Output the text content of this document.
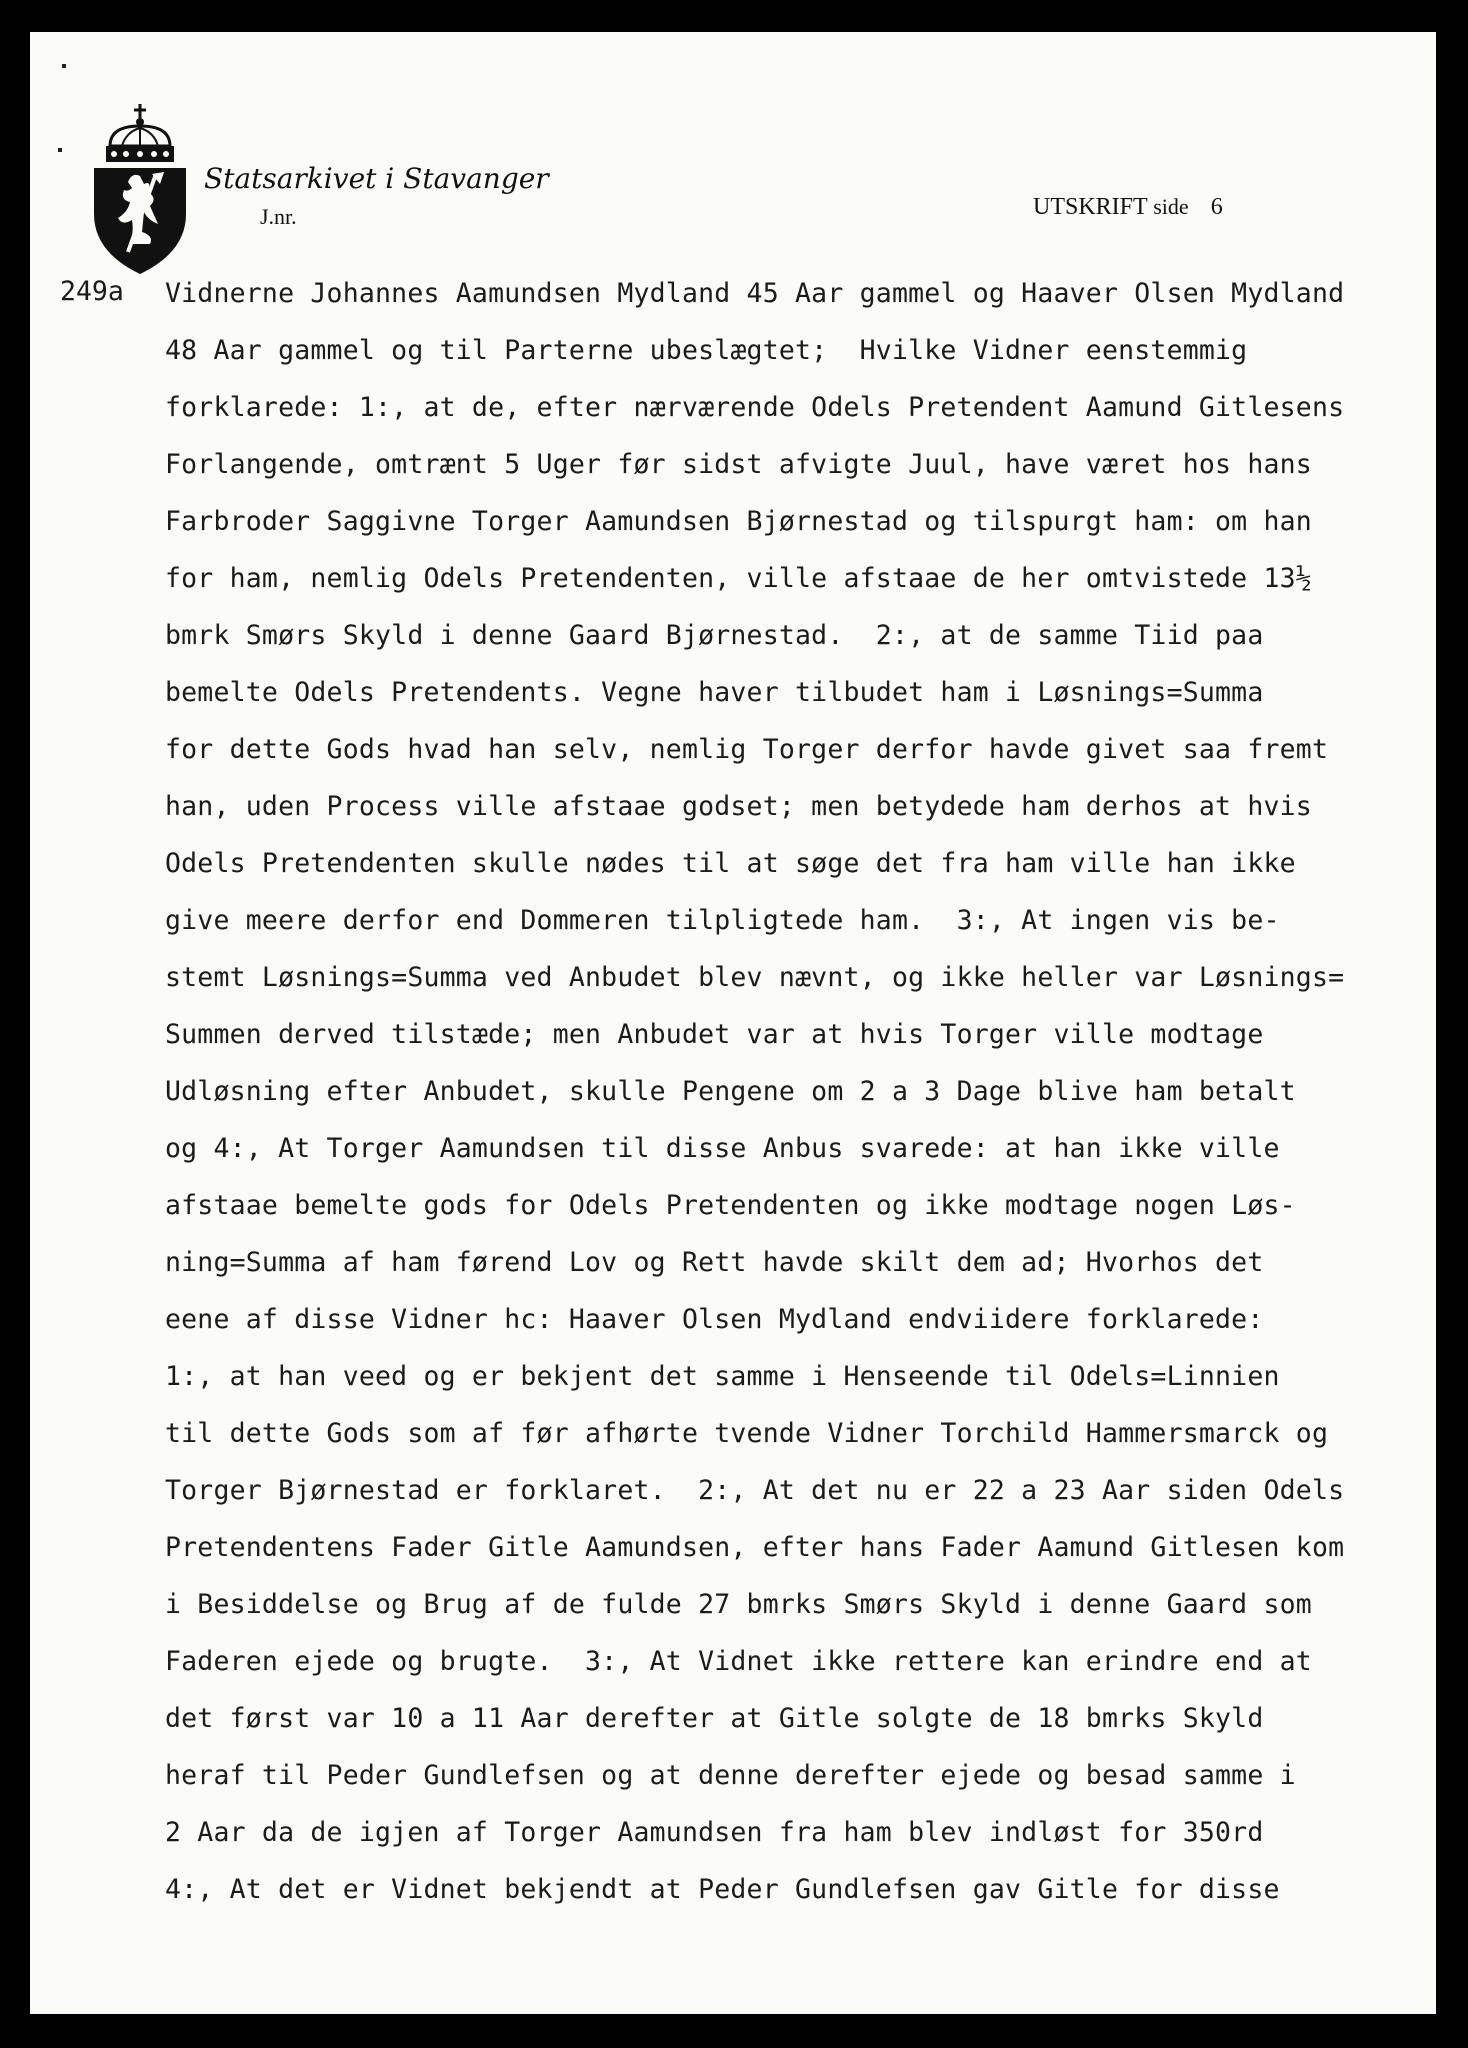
Statsarkivet i Stavanger
J.nr.	UTSKRIFT side 6
249a Vidnerne Johannes Aamundsen Mydland 45 Aar gammel og Haaver Olsen Mydland
48 Aar gammel og til Parterne ubeslægtet;  Hvilke Vidner eenstemmig
forklarede: 1:, at de, efter nærværende Odels Pretendent Aamund Gitlesens
Forlangende, omtrænt 5 Uger før sidst afvigte Juul, have været hos hans
Farbroder Saggivne Torger Aamundsen Bjørnestad og tilspurgt ham: om han
for ham, nemlig Odels Pretendenten, ville afstaae de her omtvistede 13½
bmrk Smørs Skyld i denne Gaard Bjørnestad.  2:, at de samme Tiid paa
bemelte Odels Pretendents. Vegne haver tilbudet ham i Løsnings=Summa
for dette Gods hvad han selv, nemlig Torger derfor havde givet saa fremt
han, uden Process ville afstaae godset; men betydede ham derhos at hvis
Odels Pretendenten skulle nødes til at søge det fra ham ville han ikke
give meere derfor end Dommeren tilpligtede ham.  3:, At ingen vis be-
stemt Løsnings=Summa ved Anbudet blev nævnt, og ikke heller var Løsnings=
Summen derved tilstæde; men Anbudet var at hvis Torger ville modtage
Udløsning efter Anbudet, skulle Pengene om 2 a 3 Dage blive ham betalt
og 4:, At Torger Aamundsen til disse Anbus svarede: at han ikke ville
afstaae bemelte gods for Odels Pretendenten og ikke modtage nogen Løs-
ning=Summa af ham førend Lov og Rett havde skilt dem ad; Hvorhos det
eene af disse Vidner hc: Haaver Olsen Mydland endviidere forklarede:
1:, at han veed og er bekjent det samme i Henseende til Odels=Linnien
til dette Gods som af før afhørte tvende Vidner Torchild Hammersmarck og
Torger Bjørnestad er forklaret.  2:, At det nu er 22 a 23 Aar siden Odels
Pretendentens Fader Gitle Aamundsen, efter hans Fader Aamund Gitlesen kom
i Besiddelse og Brug af de fulde 27 bmrks Smørs Skyld i denne Gaard som
Faderen ejede og brugte.  3:, At Vidnet ikke rettere kan erindre end at
det først var 10 a 11 Aar derefter at Gitle solgte de 18 bmrks Skyld
heraf til Peder Gundlefsen og at denne derefter ejede og besad samme i
2 Aar da de igjen af Torger Aamundsen fra ham blev indløst for 350rd
4:, At det er Vidnet bekjendt at Peder Gundlefsen gav Gitle for disse
